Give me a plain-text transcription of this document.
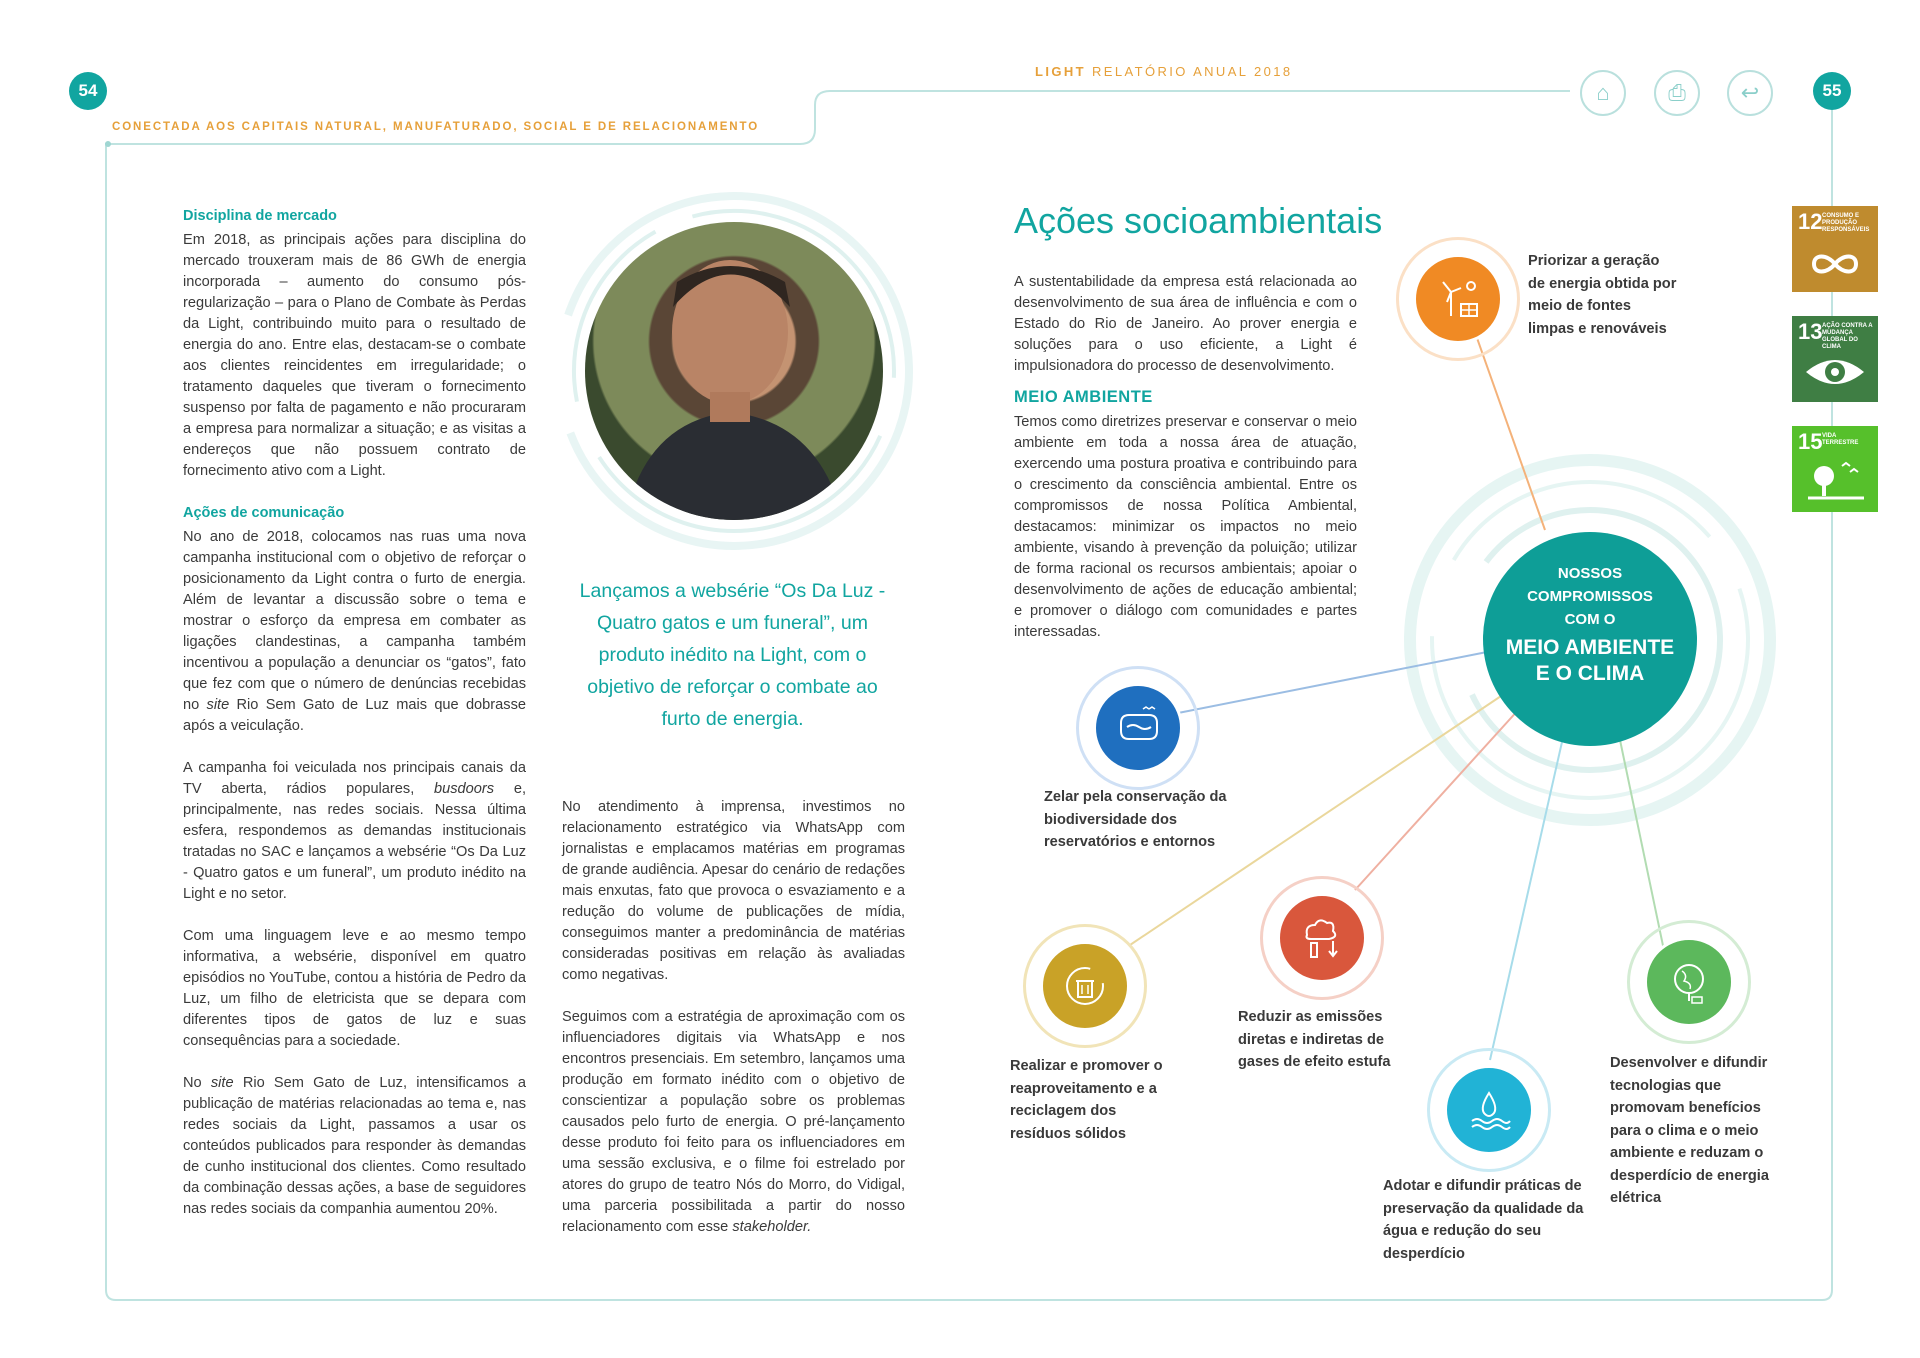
54	55
LIGHT RELATÓRIO ANUAL 2018
CONECTADA AOS CAPITAIS NATURAL, MANUFATURADO, SOCIAL E DE RELACIONAMENTO
⌂	⎙	↩
Disciplina de mercado

Em 2018, as principais ações para disciplina do mercado trouxeram mais de 86 GWh de energia incorporada – aumento do consumo pós-regularização – para o Plano de Combate às Perdas da Light, contribuindo muito para o resultado de energia do ano. Entre elas, destacam-se o combate aos clientes reincidentes em irregularidade; o tratamento daqueles que tiveram o fornecimento suspenso por falta de pagamento e não procuraram a empresa para normalizar a situação; e as visitas a endereços que não possuem contrato de fornecimento ativo com a Light.

Ações de comunicação

No ano de 2018, colocamos nas ruas uma nova campanha institucional com o objetivo de reforçar o posicionamento da Light contra o furto de energia. Além de levantar a discussão sobre o tema e mostrar o esforço da empresa em combater as ligações clandestinas, a campanha também incentivou a população a denunciar os “gatos”, fato que fez com que o número de denúncias recebidas no site Rio Sem Gato de Luz mais que dobrasse após a veiculação.

A campanha foi veiculada nos principais canais da TV aberta, rádios populares, busdoors e, principalmente, nas redes sociais. Nessa última esfera, respondemos as demandas institucionais tratadas no SAC e lançamos a websérie “Os Da Luz - Quatro gatos e um funeral”, um produto inédito na Light e no setor.

Com uma linguagem leve e ao mesmo tempo informativa, a websérie, disponível em quatro episódios no YouTube, contou a história de Pedro da Luz, um filho de eletricista que se depara com diferentes tipos de gatos de luz e suas consequências para a sociedade.

No site Rio Sem Gato de Luz, intensificamos a publicação de matérias relacionadas ao tema e, nas redes sociais da Light, passamos a usar os conteúdos publicados para responder às demandas de cunho institucional dos clientes. Como resultado da combinação dessas ações, a base de seguidores nas redes sociais da companhia aumentou 20%.

Lançamos a websérie “Os Da Luz - Quatro gatos e um funeral”, um produto inédito na Light, com o objetivo de reforçar o combate ao furto de energia.

No atendimento à imprensa, investimos no relacionamento estratégico via WhatsApp com jornalistas e emplacamos matérias em programas de grande audiência. Apesar do cenário de redações mais enxutas, fato que provoca o esvaziamento e a redução do volume de publicações de mídia, conseguimos manter a predominância de matérias consideradas positivas em relação às avaliadas como negativas.

Seguimos com a estratégia de aproximação com os influenciadores digitais via WhatsApp e nos encontros presenciais. Em setembro, lançamos uma produção em formato inédito com o objetivo de conscientizar a população sobre os problemas causados pelo furto de energia. O pré-lançamento desse produto foi feito para os influenciadores em uma sessão exclusiva, e o filme foi estrelado por atores do grupo de teatro Nós do Morro, do Vidigal, uma parceria possibilitada a partir do nosso relacionamento com esse stakeholder.

Ações socioambientais

A sustentabilidade da empresa está relacionada ao desenvolvimento de sua área de influência e com o Estado do Rio de Janeiro. Ao prover energia e soluções para o uso eficiente, a Light é impulsionadora do processo de desenvolvimento.

MEIO AMBIENTE

Temos como diretrizes preservar e conservar o meio ambiente em toda a nossa área de atuação, exercendo uma postura proativa e contribuindo para o crescimento da consciência ambiental. Entre os compromissos de nossa Política Ambiental, destacamos: minimizar os impactos no meio ambiente, visando à prevenção da poluição; utilizar de forma racional os recursos ambientais; apoiar o desenvolvimento de ações de educação ambiental; e promover o diálogo com comunidades e partes interessadas.

NOSSOS COMPROMISSOS COM O
MEIO AMBIENTE E O CLIMA
Priorizar a geração de energia obtida por meio de fontes limpas e renováveis
Zelar pela conservação da biodiversidade dos reservatórios e entornos
Realizar e promover o reaproveitamento e a reciclagem dos resíduos sólidos
Reduzir as emissões diretas e indiretas de gases de efeito estufa
Adotar e difundir práticas de preservação da qualidade da água e redução do seu desperdício
Desenvolver e difundir tecnologias que promovam benefícios para o clima e o meio ambiente e reduzam o desperdício de energia elétrica
12 CONSUMO E PRODUÇÃO RESPONSÁVEIS
13 AÇÃO CONTRA A MUDANÇA GLOBAL DO CLIMA
15 VIDA TERRESTRE
